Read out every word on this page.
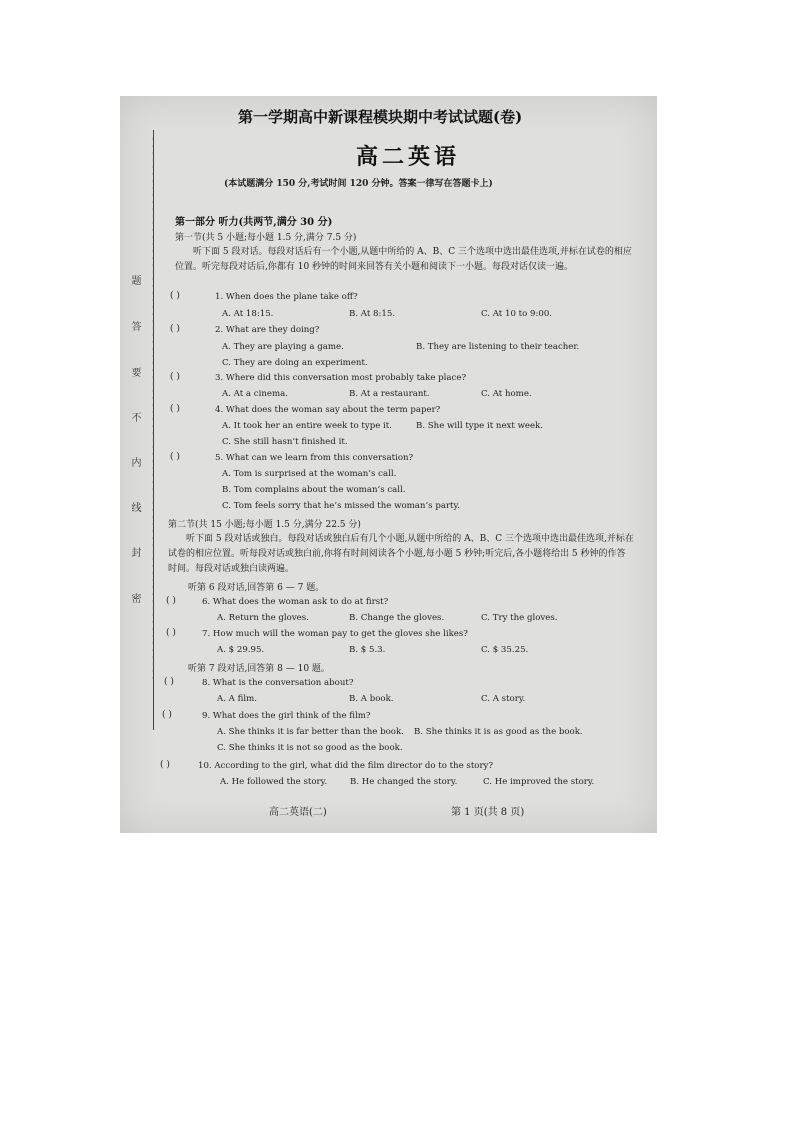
·
·
·
·
·
·
·
·
·
·
·
·
·
·
·
·
·
·
·
·
·
·
·
·
·
·
·
·
·
·
·
·
·
·
·
·
·
·
·
·
·
·
·
·
·
·
·
·
·
·
·
·
·
·
·
·
·
·
·
·
·
·
·
·
·
·
·
·
·
·
·
·
·
·
·
·
·
·
题
答
要
不
内
线
封
密
第一学期高中新课程模块期中考试试题(卷)
高二英语
(本试题满分 150 分,考试时间 120 分钟。答案一律写在答题卡上)
第一部分 听力(共两节,满分 30 分)
第一节(共 5 小题;每小题 1.5 分,满分 7.5 分)
听下面 5 段对话。每段对话后有一个小题,从题中所给的 A、B、C 三个选项中选出最佳选项,并标在试卷的相应位置。听完每段对话后,你都有 10 秒钟的时间来回答有关小题和阅读下一小题。每段对话仅读一遍。
( )	1. When does the plane take off?
A. At 18:15.	B. At 8:15.	C. At 10 to 9:00.
( )	2. What are they doing?
A. They are playing a game.	B. They are listening to their teacher.
C. They are doing an experiment.
( )	3. Where did this conversation most probably take place?
A. At a cinema.	B. At a restaurant.	C. At home.
( )	4. What does the woman say about the term paper?
A. It took her an entire week to type it.	B. She will type it next week.
C. She still hasn’t finished it.
( )	5. What can we learn from this conversation?
A. Tom is surprised at the woman’s call.
B. Tom complains about the woman’s call.
C. Tom feels sorry that he’s missed the woman’s party.
第二节(共 15 小题;每小题 1.5 分,满分 22.5 分)
听下面 5 段对话或独白。每段对话或独白后有几个小题,从题中所给的 A、B、C 三个选项中选出最佳选项,并标在试卷的相应位置。听每段对话或独白前,你将有时间阅读各个小题,每小题 5 秒钟;听完后,各小题将给出 5 秒钟的作答时间。每段对话或独白读两遍。
听第 6 段对话,回答第 6 — 7 题。
( )	6. What does the woman ask to do at first?
A. Return the gloves.	B. Change the gloves.	C. Try the gloves.
( )	7. How much will the woman pay to get the gloves she likes?
A. $ 29.95.	B. $ 5.3.	C. $ 35.25.
听第 7 段对话,回答第 8 — 10 题。
( )	8. What is the conversation about?
A. A film.	B. A book.	C. A story.
( )	9. What does the girl think of the film?
A. She thinks it is far better than the book. B. She thinks it is as good as the book.
C. She thinks it is not so good as the book.
( )	10. According to the girl, what did the film director do to the story?
A. He followed the story.	B. He changed the story.	C. He improved the story.
高二英语(二)	第 1 页(共 8 页)
